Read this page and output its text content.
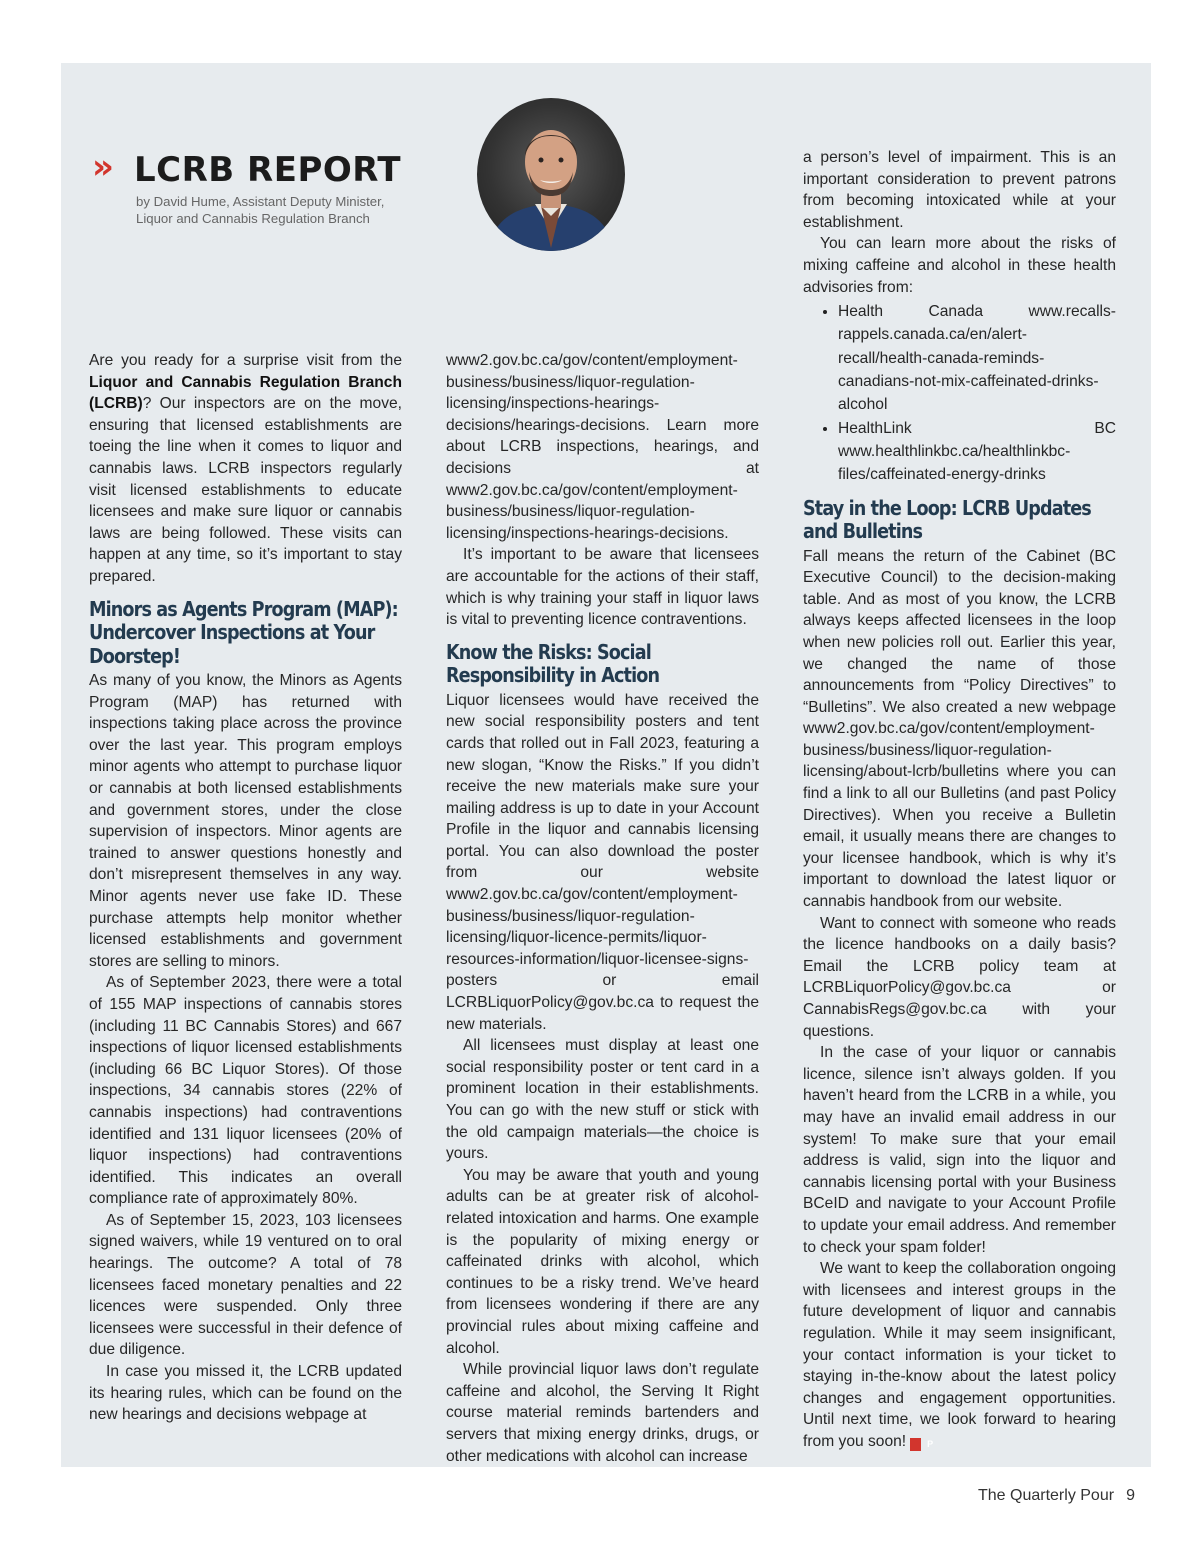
» LCRB REPORT
by David Hume, Assistant Deputy Minister,
Liquor and Cannabis Regulation Branch

Are you ready for a surprise visit from the Liquor and Cannabis Regulation Branch (LCRB)? Our inspectors are on the move, ensuring that licensed establishments are toeing the line when it comes to liquor and cannabis laws. LCRB inspectors regularly visit licensed establishments to educate licensees and make sure liquor or cannabis laws are being followed. These visits can happen at any time, so it’s important to stay prepared.

Minors as Agents Program (MAP): Undercover Inspections at Your Doorstep!

As many of you know, the Minors as Agents Program (MAP) has returned with inspections taking place across the province over the last year. This program employs minor agents who attempt to purchase liquor or cannabis at both licensed establishments and government stores, under the close supervision of inspectors. Minor agents are trained to answer questions honestly and don’t misrepresent themselves in any way. Minor agents never use fake ID. These purchase attempts help monitor whether licensed establishments and government stores are selling to minors.

As of September 2023, there were a total of 155 MAP inspections of cannabis stores (including 11 BC Cannabis Stores) and 667 inspections of liquor licensed establishments (including 66 BC Liquor Stores). Of those inspections, 34 cannabis stores (22% of cannabis inspections) had contraventions identified and 131 liquor licensees (20% of liquor inspections) had contraventions identified. This indicates an overall compliance rate of approximately 80%.

As of September 15, 2023, 103 licensees signed waivers, while 19 ventured on to oral hearings. The outcome? A total of 78 licensees faced monetary penalties and 22 licences were suspended. Only three licensees were successful in their defence of due diligence.

In case you missed it, the LCRB updated its hearing rules, which can be found on the new hearings and decisions webpage at

www2.gov.bc.ca/gov/content/employment-business/business/liquor-regulation-licensing/inspections-hearings-decisions/hearings-decisions. Learn more about LCRB inspections, hearings, and decisions at www2.gov.bc.ca/gov/content/employment-business/business/liquor-regulation-licensing/inspections-hearings-decisions.

It’s important to be aware that licensees are accountable for the actions of their staff, which is why training your staff in liquor laws is vital to preventing licence contraventions.

Know the Risks: Social Responsibility in Action

Liquor licensees would have received the new social responsibility posters and tent cards that rolled out in Fall 2023, featuring a new slogan, “Know the Risks.” If you didn’t receive the new materials make sure your mailing address is up to date in your Account Profile in the liquor and cannabis licensing portal. You can also download the poster from our website www2.gov.bc.ca/gov/content/employment-business/business/liquor-regulation-licensing/liquor-licence-permits/liquor-resources-information/liquor-licensee-signs-posters or email LCRBLiquorPolicy@gov.bc.ca to request the new materials.

All licensees must display at least one social responsibility poster or tent card in a prominent location in their establishments. You can go with the new stuff or stick with the old campaign materials—the choice is yours.

You may be aware that youth and young adults can be at greater risk of alcohol-related intoxication and harms. One example is the popularity of mixing energy or caffeinated drinks with alcohol, which continues to be a risky trend. We’ve heard from licensees wondering if there are any provincial rules about mixing caffeine and alcohol.

While provincial liquor laws don’t regulate caffeine and alcohol, the Serving It Right course material reminds bartenders and servers that mixing energy drinks, drugs, or other medications with alcohol can increase

a person’s level of impairment. This is an important consideration to prevent patrons from becoming intoxicated while at your establishment.

You can learn more about the risks of mixing caffeine and alcohol in these health advisories from:

• Health Canada www.recalls-rappels.canada.ca/en/alert-recall/health-canada-reminds-canadians-not-mix-caffeinated-drinks-alcohol
• HealthLink BC www.healthlinkbc.ca/healthlinkbc-files/caffeinated-energy-drinks
Stay in the Loop: LCRB Updates and Bulletins

Fall means the return of the Cabinet (BC Executive Council) to the decision-making table. And as most of you know, the LCRB always keeps affected licensees in the loop when new policies roll out. Earlier this year, we changed the name of those announcements from “Policy Directives” to “Bulletins”. We also created a new webpage www2.gov.bc.ca/gov/content/employment-business/business/liquor-regulation-licensing/about-lcrb/bulletins where you can find a link to all our Bulletins (and past Policy Directives). When you receive a Bulletin email, it usually means there are changes to your licensee handbook, which is why it’s important to download the latest liquor or cannabis handbook from our website.

Want to connect with someone who reads the licence handbooks on a daily basis? Email the LCRB policy team at LCRBLiquorPolicy@gov.bc.ca or CannabisRegs@gov.bc.ca with your questions.

In the case of your liquor or cannabis licence, silence isn’t always golden. If you haven’t heard from the LCRB in a while, you may have an invalid email address in our system! To make sure that your email address is valid, sign into the liquor and cannabis licensing portal with your Business BCeID and navigate to your Account Profile to update your email address. And remember to check your spam folder!

We want to keep the collaboration ongoing with licensees and interest groups in the future development of liquor and cannabis regulation. While it may seem insignificant, your contact information is your ticket to staying in-the-know about the latest policy changes and engagement opportunities. Until next time, we look forward to hearing from you soon! P

The Quarterly Pour 9
